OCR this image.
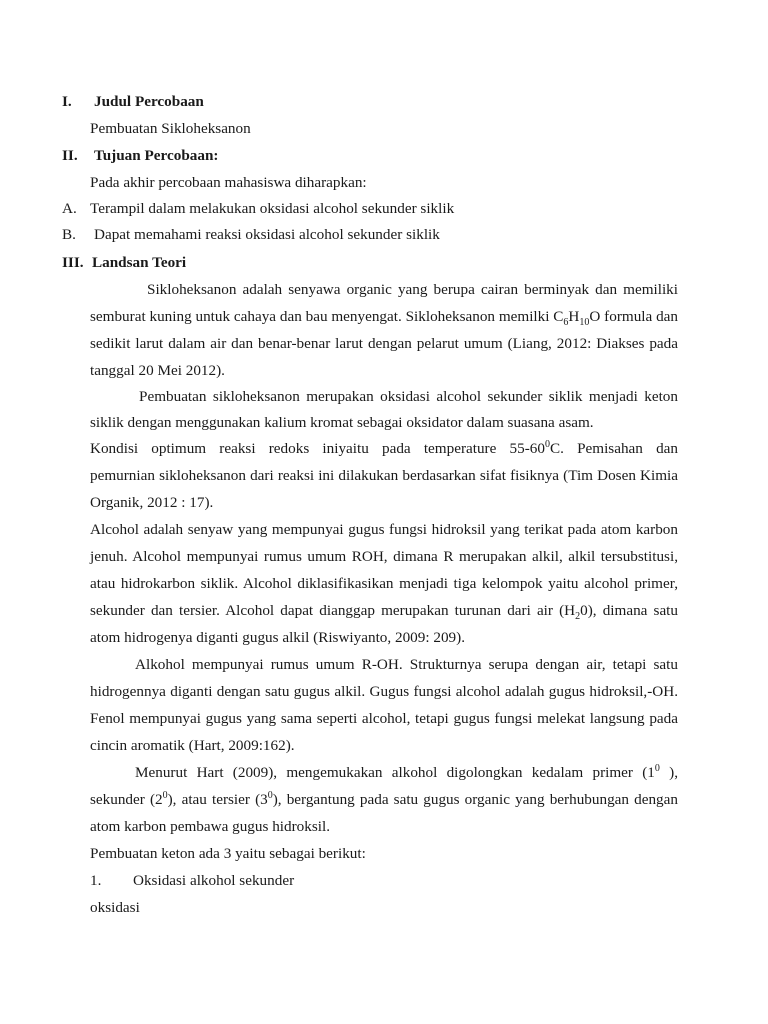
I. Judul Percobaan
Pembuatan Sikloheksanon
II. Tujuan Percobaan:
Pada akhir percobaan mahasiswa diharapkan:
A. Terampil dalam melakukan oksidasi alcohol sekunder siklik
B. Dapat memahami reaksi oksidasi alcohol sekunder siklik
III. Landsan Teori
Sikloheksanon adalah senyawa organic yang berupa cairan berminyak dan memiliki
semburat kuning untuk cahaya dan bau menyengat. Sikloheksanon memilki $C_6H_{10}O$ formula dan
sedikit larut dalam air dan benar-benar larut dengan pelarut umum (Liang, 2012: Diakses pada
tanggal 20 Mei 2012).
Pembuatan sikloheksanon merupakan oksidasi alcohol sekunder siklik menjadi keton
siklik dengan menggunakan kalium kromat sebagai oksidator dalam suasana asam.
Kondisi optimum reaksi redoks iniyaitu pada temperature $55-60^0C$. Pemisahan dan
pemurnian sikloheksanon dari reaksi ini dilakukan berdasarkan sifat fisiknya (Tim Dosen Kimia
Organik, 2012 : 17).
Alcohol adalah senyaw yang mempunyai gugus fungsi hidroksil yang terikat pada atom karbon
jenuh. Alcohol mempunyai rumus umum ROH, dimana R merupakan alkil, alkil tersubstitusi,
atau hidrokarbon siklik. Alcohol diklasifikasikan menjadi tiga kelompok yaitu alcohol primer,
sekunder dan tersier. Alcohol dapat dianggap merupakan turunan dari air $(H_20)$, dimana satu
atom hidrogenya diganti gugus alkil (Riswiyanto, 2009: 209).
Alkohol mempunyai rumus umum R-OH. Strukturnya serupa dengan air, tetapi satu
hidrogennya diganti dengan satu gugus alkil. Gugus fungsi alcohol adalah gugus hidroksil,-OH.
Fenol mempunyai gugus yang sama seperti alcohol, tetapi gugus fungsi melekat langsung pada
cincin aromatik (Hart, 2009:162).
Menurut Hart (2009), mengemukakan alkohol digolongkan kedalam primer ($1^0$ ),
sekunder $(2^0)$, atau tersier $(3^0)$, bergantung pada satu gugus organic yang berhubungan dengan
atom karbon pembawa gugus hidroksil.
Pembuatan keton ada 3 yaitu sebagai berikut:
1. Oksidasi alkohol sekunder
oksidasi
